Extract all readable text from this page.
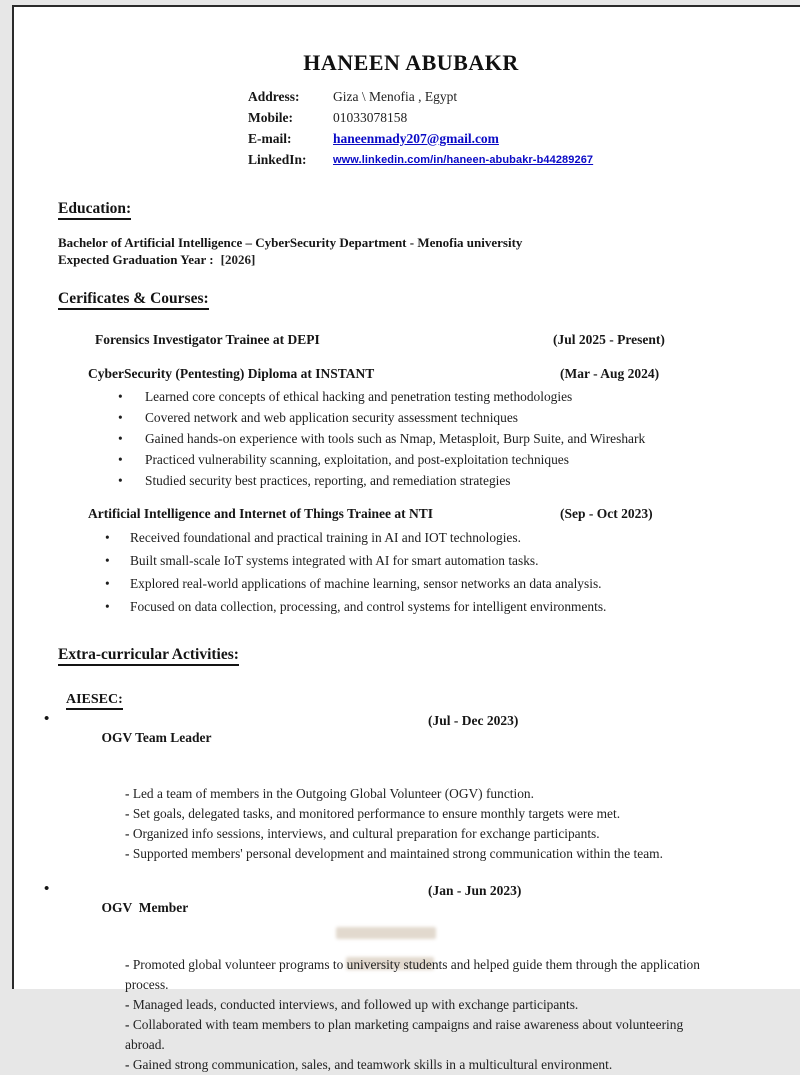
HANEEN ABUBAKR
Address:	Giza \ Menofia , Egypt
Mobile:	01033078158
E-mail:	haneenmady207@gmail.com
LinkedIn:	www.linkedin.com/in/haneen-abubakr-b44289267
Education:
Bachelor of Artificial Intelligence – CyberSecurity Department - Menofia university
Expected Graduation Year : [2026]
Cerificates & Courses:
Forensics Investigator Trainee at DEPI	(Jul 2025 - Present)
CyberSecurity (Pentesting) Diploma at INSTANT	(Mar - Aug 2024)
• Learned core concepts of ethical hacking and penetration testing methodologies
• Covered network and web application security assessment techniques
• Gained hands-on experience with tools such as Nmap, Metasploit, Burp Suite, and Wireshark
• Practiced vulnerability scanning, exploitation, and post-exploitation techniques
• Studied security best practices, reporting, and remediation strategies
Artificial Intelligence and Internet of Things Trainee at NTI	(Sep - Oct 2023)
• Received foundational and practical training in AI and IOT technologies.
• Built small-scale IoT systems integrated with AI for smart automation tasks.
• Explored real-world applications of machine learning, sensor networks an data analysis.
• Focused on data collection, processing, and control systems for intelligent environments.
Extra-curricular Activities:
AIESEC:

• OGV Team Leader

(Jul - Dec 2023)

- Led a team of members in the Outgoing Global Volunteer (OGV) function.
- Set goals, delegated tasks, and monitored performance to ensure monthly targets were met.
- Organized info sessions, interviews, and cultural preparation for exchange participants.
- Supported members' personal development and maintained strong communication within the team.

• OGV  Member

(Jan - Jun 2023)

- Promoted global volunteer programs to university students and helped guide them through the application process.
- Managed leads, conducted interviews, and followed up with exchange participants.
- Collaborated with team members to plan marketing campaigns and raise awareness about volunteering abroad.
- Gained strong communication, sales, and teamwork skills in a multicultural environment.
